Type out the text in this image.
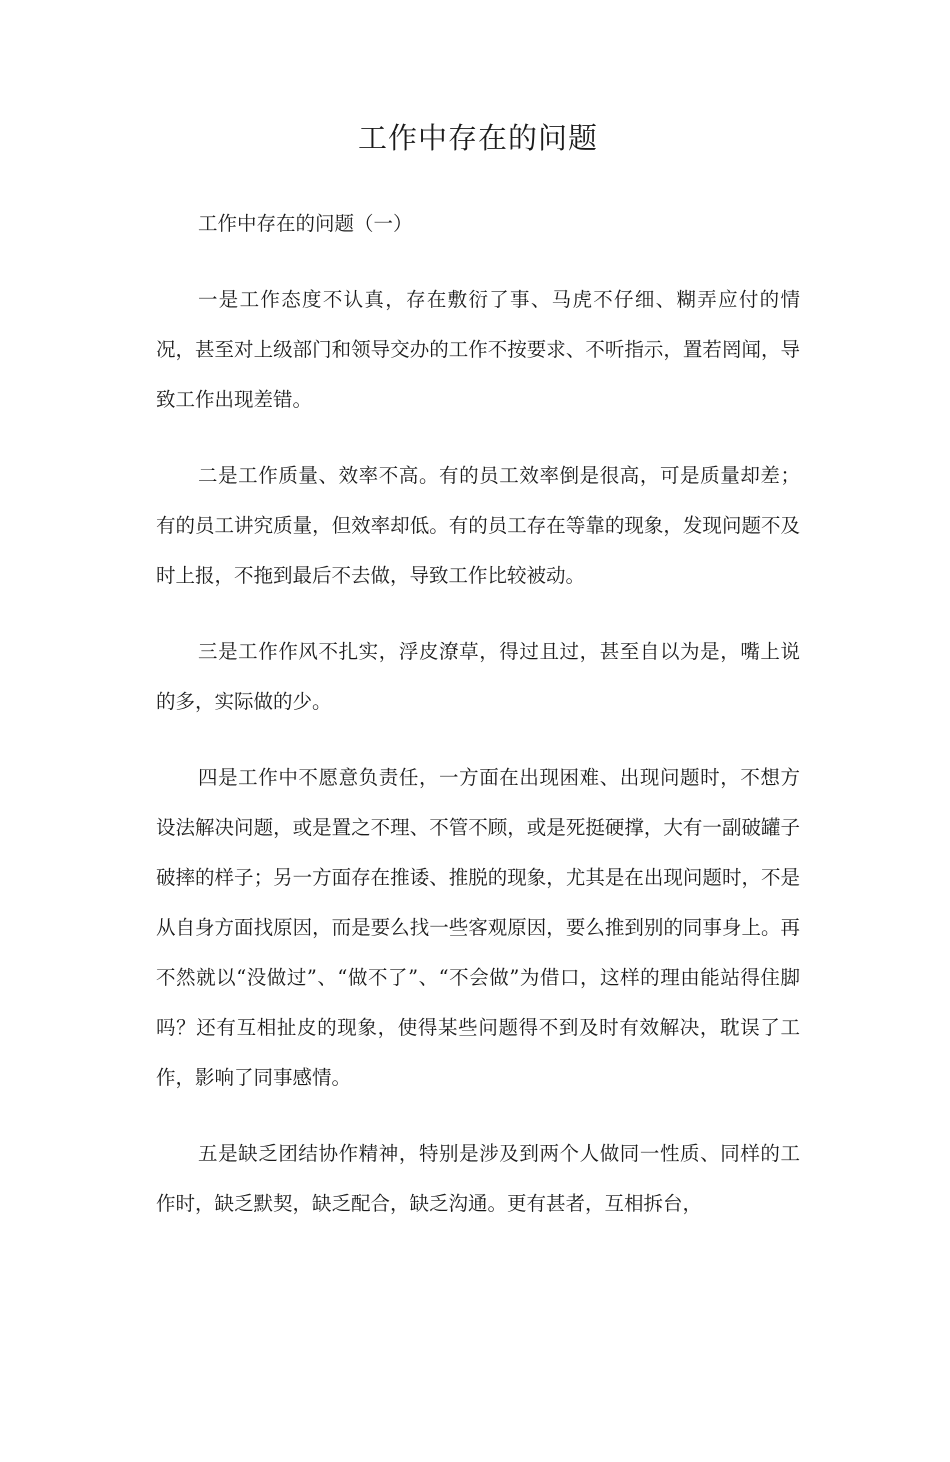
工作中存在的问题

工作中存在的问题（一）

一是工作态度不认真，存在敷衍了事、马虎不仔细、糊弄应付的情况，甚至对上级部门和领导交办的工作不按要求、不听指示，置若罔闻，导致工作出现差错。

二是工作质量、效率不高。有的员工效率倒是很高，可是质量却差；有的员工讲究质量，但效率却低。有的员工存在等靠的现象，发现问题不及时上报，不拖到最后不去做，导致工作比较被动。

三是工作作风不扎实，浮皮潦草，得过且过，甚至自以为是，嘴上说的多，实际做的少。

四是工作中不愿意负责任，一方面在出现困难、出现问题时，不想方设法解决问题，或是置之不理、不管不顾，或是死挺硬撑，大有一副破罐子破摔的样子；另一方面存在推诿、推脱的现象，尤其是在出现问题时，不是从自身方面找原因，而是要么找一些客观原因，要么推到别的同事身上。再不然就以“没做过”、“做不了”、“不会做”为借口，这样的理由能站得住脚吗？还有互相扯皮的现象，使得某些问题得不到及时有效解决，耽误了工作，影响了同事感情。

五是缺乏团结协作精神，特别是涉及到两个人做同一性质、同样的工作时，缺乏默契，缺乏配合，缺乏沟通。更有甚者，互相拆台，
